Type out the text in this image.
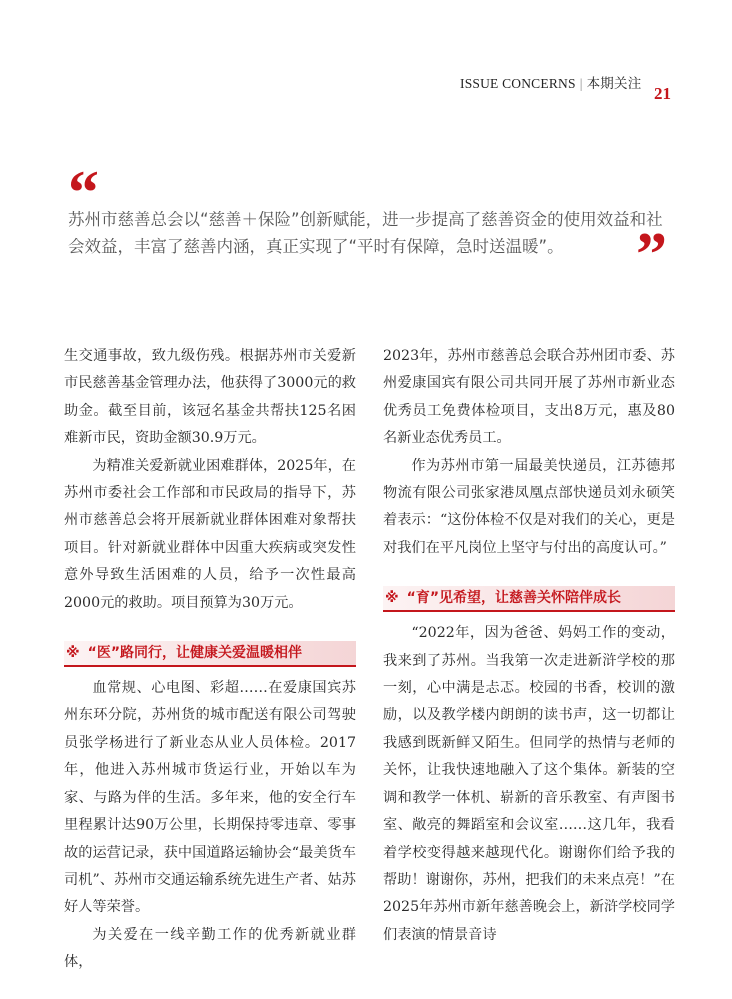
ISSUE CONCERNS | 本期关注
21
“

苏州市慈善总会以“慈善＋保险”创新赋能，进一步提高了慈善资金的使用效益和社会效益，丰富了慈善内涵，真正实现了“平时有保障，急时送温暖”。	”

生交通事故，致九级伤残。根据苏州市关爱新市民慈善基金管理办法，他获得了3000元的救助金。截至目前，该冠名基金共帮扶125名困难新市民，资助金额30.9万元。

为精准关爱新就业困难群体，2025年，在苏州市委社会工作部和市民政局的指导下，苏州市慈善总会将开展新就业群体困难对象帮扶项目。针对新就业群体中因重大疾病或突发性意外导致生活困难的人员，给予一次性最高2000元的救助。项目预算为30万元。

※ “医”路同行，让健康关爱温暖相伴

血常规、心电图、彩超……在爱康国宾苏州东环分院，苏州货的城市配送有限公司驾驶员张学杨进行了新业态从业人员体检。2017年，他进入苏州城市货运行业，开始以车为家、与路为伴的生活。多年来，他的安全行车里程累计达90万公里，长期保持零违章、零事故的运营记录，获中国道路运输协会“最美货车司机”、苏州市交通运输系统先进生产者、姑苏好人等荣誉。

为关爱在一线辛勤工作的优秀新就业群体，

2023年，苏州市慈善总会联合苏州团市委、苏州爱康国宾有限公司共同开展了苏州市新业态优秀员工免费体检项目，支出8万元，惠及80名新业态优秀员工。

作为苏州市第一届最美快递员，江苏德邦物流有限公司张家港凤凰点部快递员刘永硕笑着表示：“这份体检不仅是对我们的关心，更是对我们在平凡岗位上坚守与付出的高度认可。”

※ “育”见希望，让慈善关怀陪伴成长

“2022年，因为爸爸、妈妈工作的变动，我来到了苏州。当我第一次走进新浒学校的那一刻，心中满是忐忑。校园的书香，校训的激励，以及教学楼内朗朗的读书声，这一切都让我感到既新鲜又陌生。但同学的热情与老师的关怀，让我快速地融入了这个集体。新装的空调和教学一体机、崭新的音乐教室、有声图书室、敞亮的舞蹈室和会议室……这几年，我看着学校变得越来越现代化。谢谢你们给予我的帮助！谢谢你，苏州，把我们的未来点亮！”在2025年苏州市新年慈善晚会上，新浒学校同学们表演的情景音诗
